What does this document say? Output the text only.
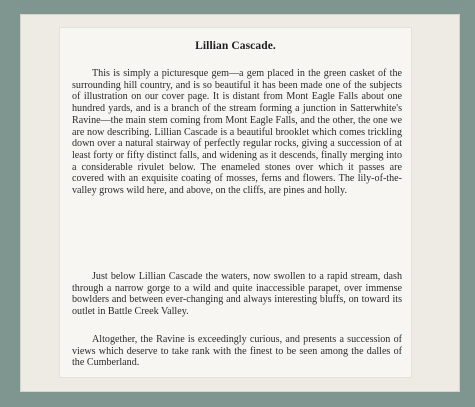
Lillian Cascade.

This is simply a picturesque gem—a gem placed in the green casket of the surrounding hill country, and is so beautiful it has been made one of the subjects of illustration on our cover page. It is distant from Mont Eagle Falls about one hundred yards, and is a branch of the stream forming a junction in Satterwhite's Ravine—the main stem coming from Mont Eagle Falls, and the other, the one we are now describing. Lillian Cascade is a beautiful brooklet which comes trickling down over a natural stairway of perfectly regular rocks, giving a succession of at least forty or fifty distinct falls, and widening as it descends, finally merging into a considerable rivulet below. The enameled stones over which it passes are covered with an exquisite coating of mosses, ferns and flowers. The lily-of-the-valley grows wild here, and above, on the cliffs, are pines and holly.

Just below Lillian Cascade the waters, now swollen to a rapid stream, dash through a narrow gorge to a wild and quite inaccessible parapet, over immense bowlders and between ever-changing and always interesting bluffs, on toward its outlet in Battle Creek Valley.

Altogether, the Ravine is exceedingly curious, and presents a succession of views which deserve to take rank with the finest to be seen among the dalles of the Cumberland.
